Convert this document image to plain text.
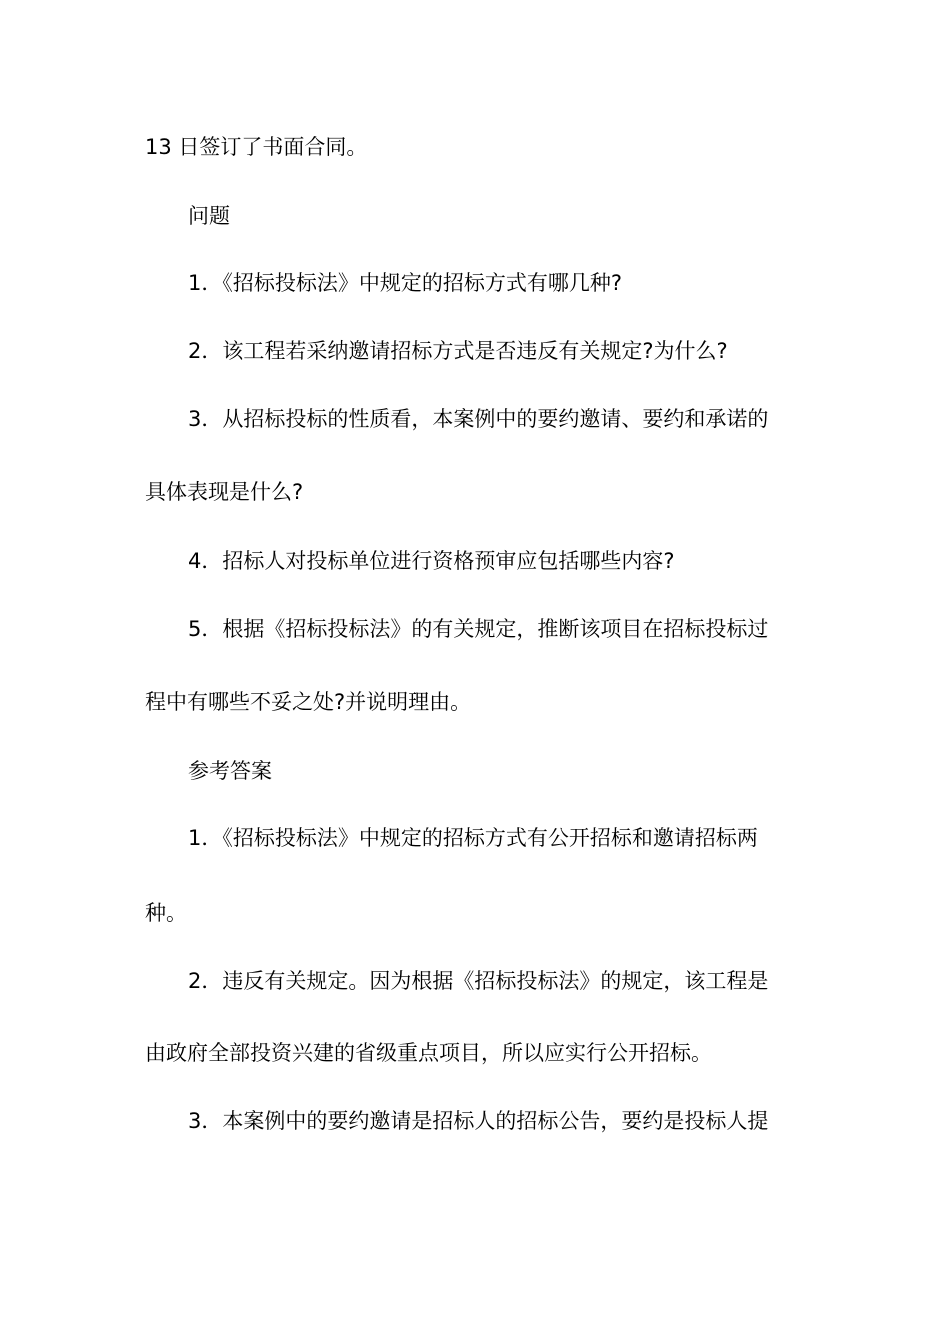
13 日签订了书面合同。
问题
1．《招标投标法》中规定的招标方式有哪几种?
2．该工程若采纳邀请招标方式是否违反有关规定?为什么?
3．从招标投标的性质看，本案例中的要约邀请、要约和承诺的
具体表现是什么?
4．招标人对投标单位进行资格预审应包括哪些内容?
5．根据《招标投标法》的有关规定，推断该项目在招标投标过
程中有哪些不妥之处?并说明理由。
参考答案
1．《招标投标法》中规定的招标方式有公开招标和邀请招标两
种。
2．违反有关规定。因为根据《招标投标法》的规定，该工程是
由政府全部投资兴建的省级重点项目，所以应实行公开招标。
3．本案例中的要约邀请是招标人的招标公告，要约是投标人提
